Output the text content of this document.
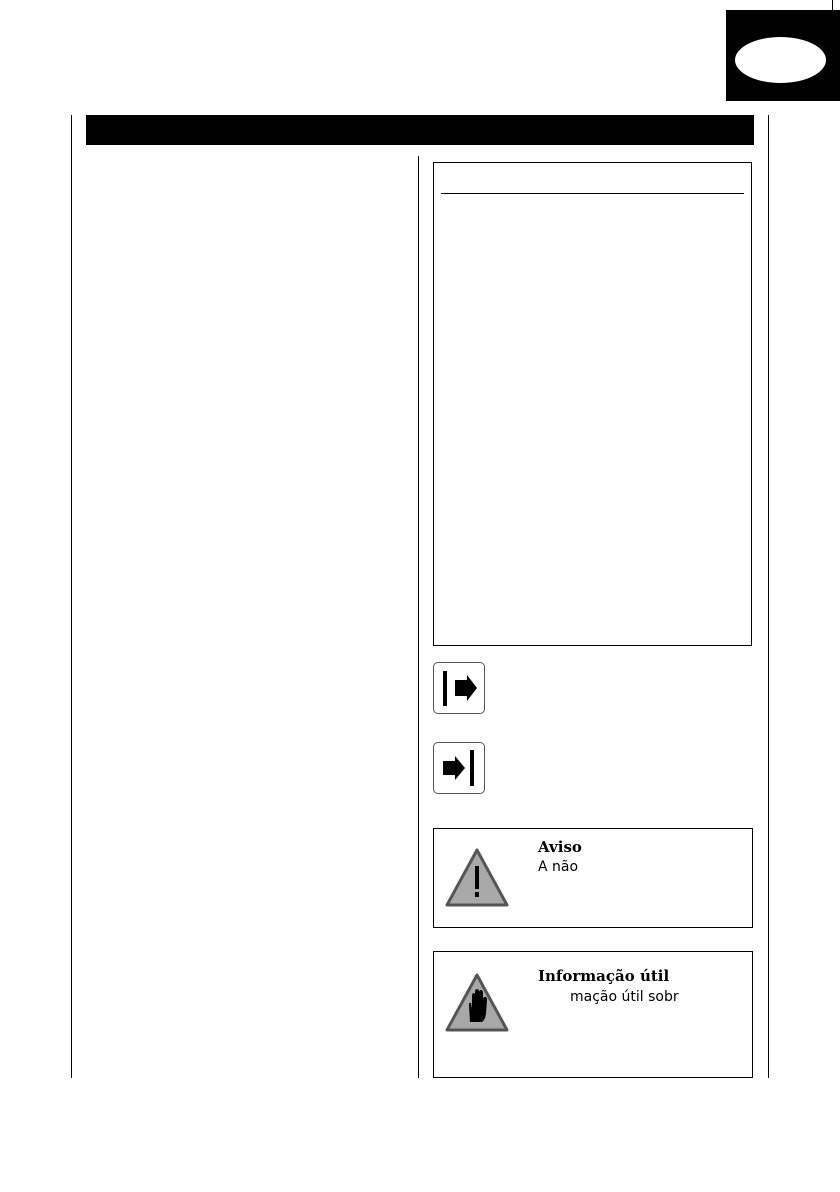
Aviso
A não
Informação útil
mação útil sobr
